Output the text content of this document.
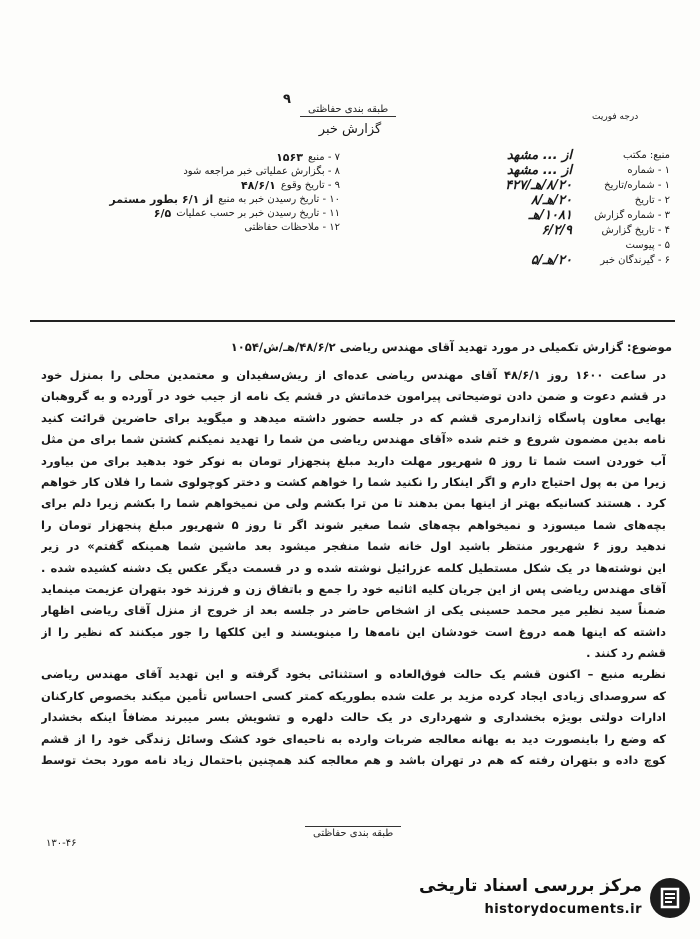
۹
طبقه بندی حفاظتی
گزارش خبر
درجه فوریت
منبع: مکتب
از ... مشهد
۱ - شماره
از ... مشهد
۱ - شماره/تاریخ
۸/۲۰/هـ/۴۲۷
۲ - تاریخ
۲۰/هـ/۸
۳ - شماره گزارش
۱۰۸۱/هـ
۴ - تاریخ گزارش
۶/۲/۹
۵ - پیوست
۶ - گیرندگان خبر
۲۰/هـ/۵
۷ - منبع
۱۵۶۳
۸ - بگزارش عملیاتی خبر مراجعه شود
۹ - تاریخ وقوع
۴۸/۶/۱
۱۰ - تاریخ رسیدن خبر به منبع
از ۶/۱ بطور مستمر
۱۱ - تاریخ رسیدن خبر بر حسب عملیات
۶/۵
۱۲ - ملاحظات حفاظتی
موضوع: گزارش تکمیلی در مورد تهدید آقای مهندس ریاضی ۴۸/۶/۲/هـ/ش/۱۰۵۴
در ساعت ۱۶۰۰ روز ۴۸/۶/۱ آقای مهندس ریاضی عده‌ای از ریش‌سفیدان و معتمدین محلی را بمنزل خود
در قشم دعوت و ضمن دادن توضیحاتی پیرامون خدماتش در قشم یک نامه از جیب خود در آورده و به گروهبان
بهایی معاون پاسگاه ژاندارمری قشم که در جلسه حضور داشته میدهد و میگوید برای حاضرین قرائت کنید
نامه بدین مضمون شروع و ختم شده «آقای مهندس ریاضی من شما را تهدید نمیکنم کشتن شما برای من مثل
آب خوردن است شما تا روز ۵ شهریور مهلت دارید مبلغ پنجهزار تومان به نوکر خود بدهید برای من بیاورد
زیرا من به پول احتیاج دارم و اگر اینکار را نکنید شما را خواهم کشت و دختر کوچولوی شما را فلان کار خواهم
کرد . هستند کسانیکه بهتر از اینها بمن بدهند تا من ترا بکشم ولی من نمیخواهم شما را بکشم زیرا دلم برای
بچه‌های شما میسوزد و نمیخواهم بچه‌های شما صغیر شوند اگر تا روز ۵ شهریور مبلغ پنجهزار تومان را
ندهید روز ۶ شهریور منتظر باشید اول خانه شما منفجر میشود بعد ماشین شما همینکه گفتم» در زیر
این نوشته‌ها در یک شکل مستطیل کلمه عزرائیل نوشته شده و در قسمت دیگر عکس یک دشنه کشیده شده .
آقای مهندس ریاضی پس از این جریان کلیه اثاثیه خود را جمع و باتفاق زن و فرزند خود بتهران عزیمت مینماید
ضمناً سید نظیر میر محمد حسینی یکی از اشخاص حاضر در جلسه بعد از خروج از منزل آقای ریاضی اظهار
داشته که اینها همه دروغ است خودشان این نامه‌ها را مینویسند و این کلکها را جور میکنند که نظیر را از
قشم رد کنند .
نظریه منبع – اکنون قشم یک حالت فوق‌العاده و استثنائی بخود گرفته و این تهدید آقای مهندس ریاضی
که سروصدای زیادی ایجاد کرده مزید بر علت شده بطوریکه کمتر کسی احساس تأمین میکند بخصوص کارکنان
ادارات دولتی بویژه بخشداری و شهرداری در یک حالت دلهره و تشویش بسر میبرند مضافاً اینکه بخشدار
که وضع را باینصورت دید به بهانه معالجه ضربات وارده به ناحیه‌ای خود کشک وسائل زندگی خود را از قشم
کوچ داده و بتهران رفته که هم در تهران باشد و هم معالجه کند همچنین باحتمال زیاد نامه مورد بحث توسط
طبقه بندی حفاظتی
۱۳۰-۴۶
مرکز بررسی اسناد تاریخی
historydocuments.ir
